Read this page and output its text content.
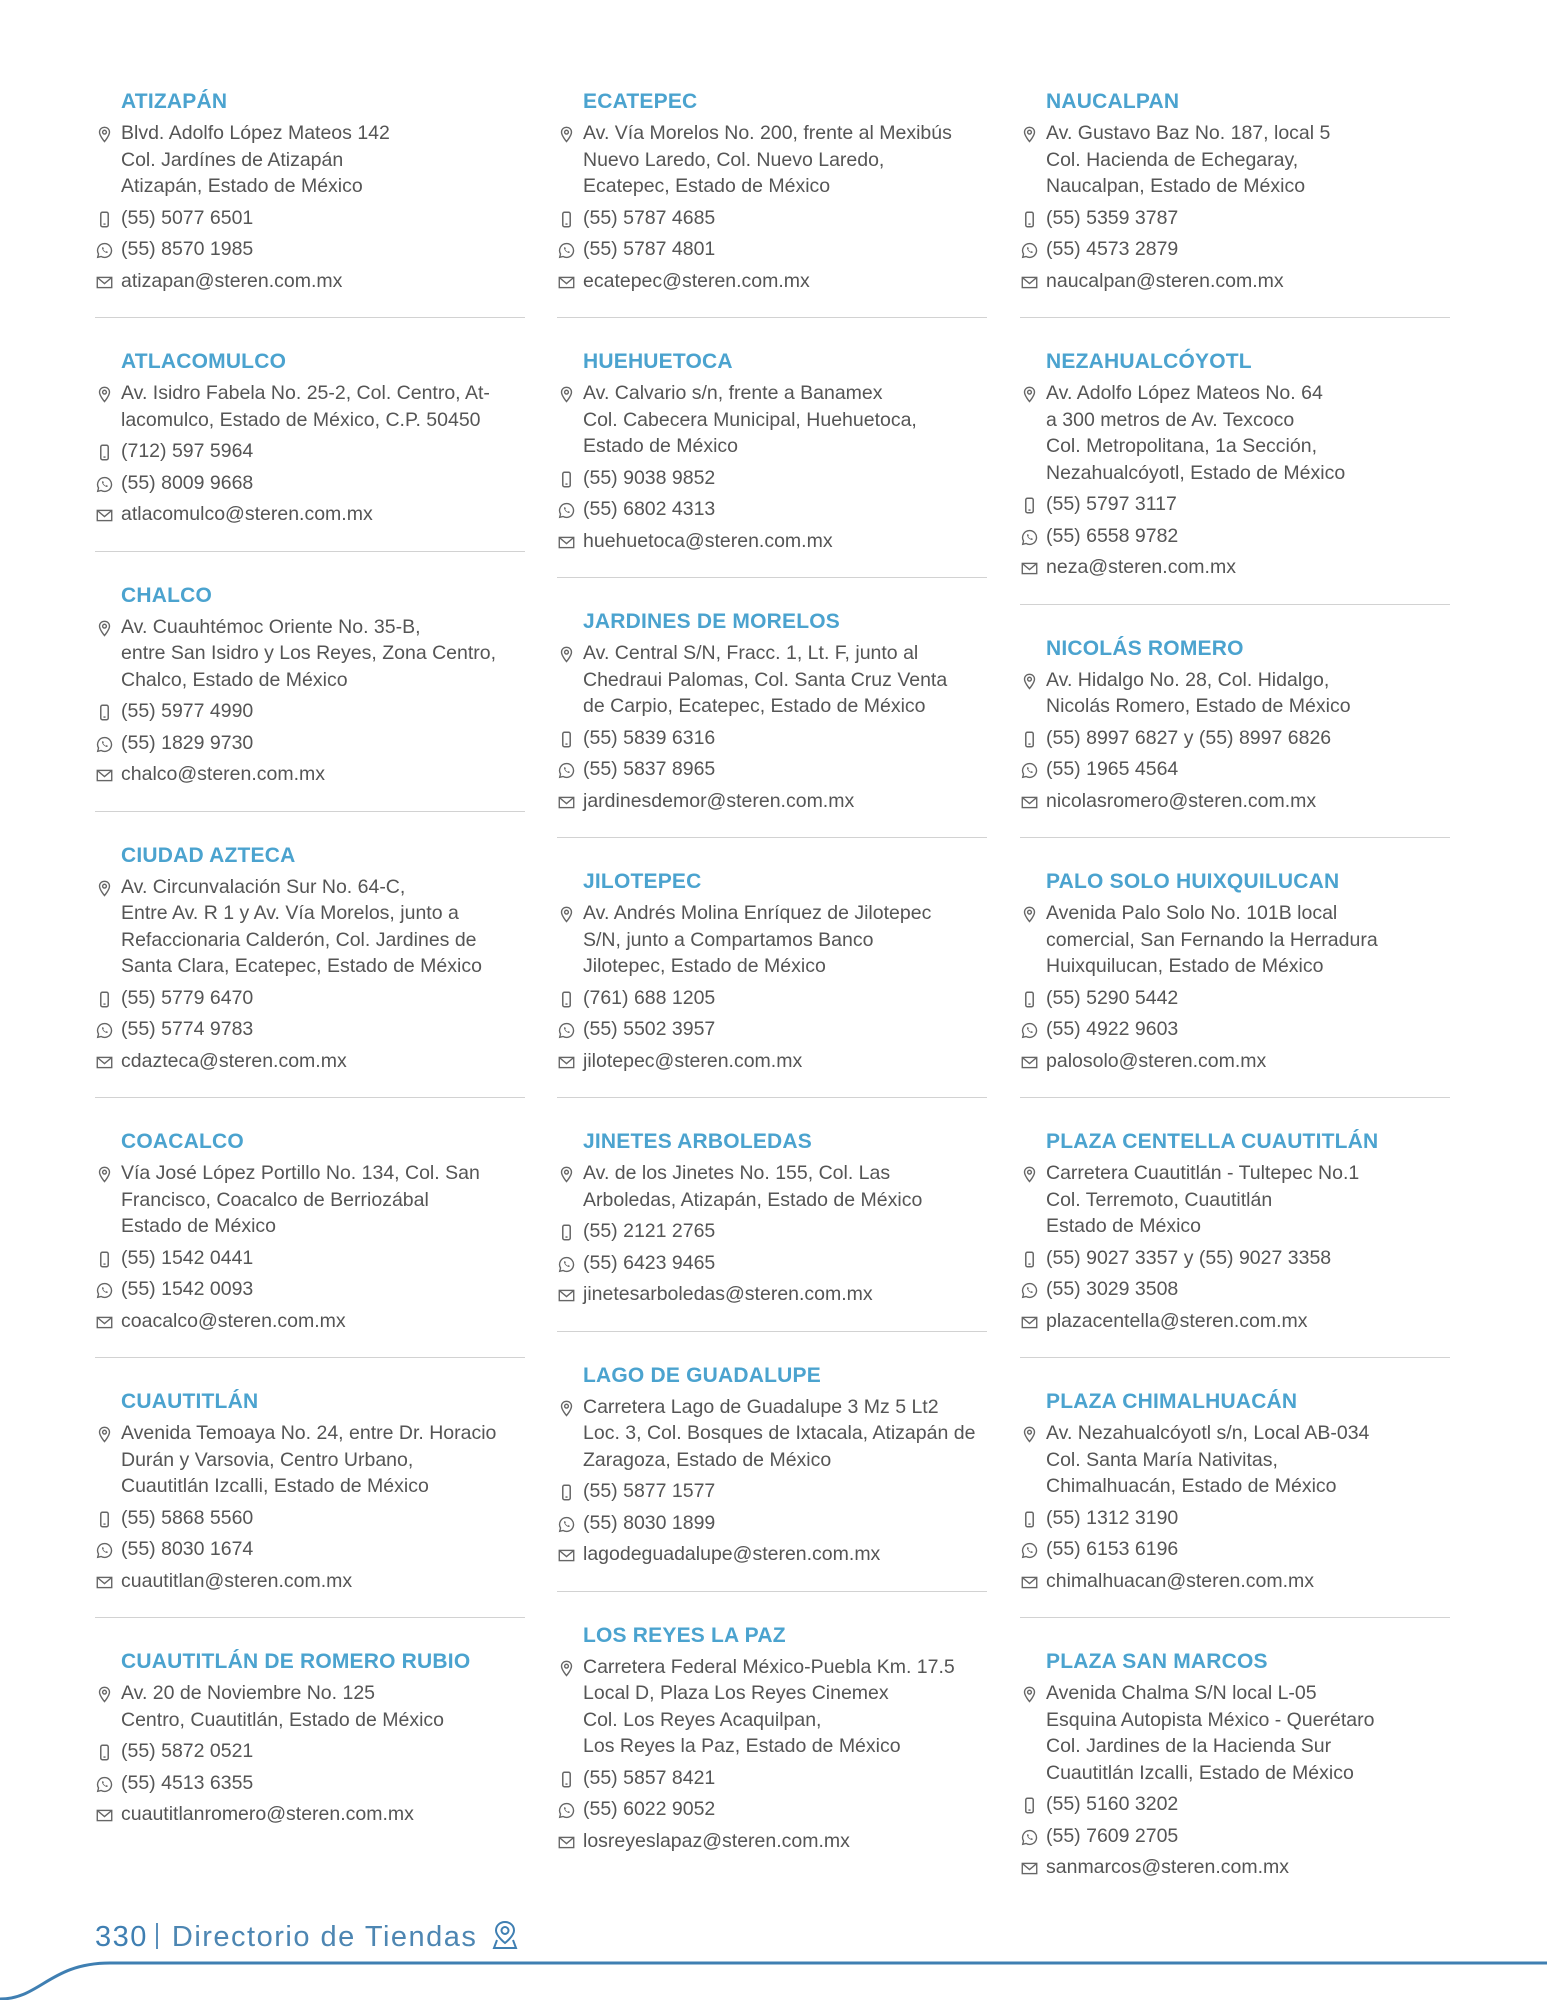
ATIZAPÁN
Blvd. Adolfo López Mateos 142
Col. Jardínes de Atizapán
Atizapán, Estado de México
(55) 5077 6501
(55) 8570 1985
atizapan@steren.com.mx
ATLACOMULCO
Av. Isidro Fabela No. 25-2, Col. Centro, At-
lacomulco, Estado de México, C.P. 50450
(712) 597 5964
(55) 8009 9668
atlacomulco@steren.com.mx
CHALCO
Av. Cuauhtémoc Oriente No. 35-B,
entre San Isidro y Los Reyes, Zona Centro,
Chalco, Estado de México
(55) 5977 4990
(55) 1829 9730
chalco@steren.com.mx
CIUDAD AZTECA
Av. Circunvalación Sur No. 64-C,
Entre Av. R 1 y Av. Vía Morelos, junto a
Refaccionaria Calderón, Col. Jardines de
Santa Clara, Ecatepec, Estado de México
(55) 5779 6470
(55) 5774 9783
cdazteca@steren.com.mx
COACALCO
Vía José López Portillo No. 134, Col. San
Francisco, Coacalco de Berriozábal
Estado de México
(55) 1542 0441
(55) 1542 0093
coacalco@steren.com.mx
CUAUTITLÁN
Avenida Temoaya No. 24, entre Dr. Horacio
Durán y Varsovia, Centro Urbano,
Cuautitlán Izcalli, Estado de México
(55) 5868 5560
(55) 8030 1674
cuautitlan@steren.com.mx
CUAUTITLÁN DE ROMERO RUBIO
Av. 20 de Noviembre No. 125
Centro, Cuautitlán, Estado de México
(55) 5872 0521
(55) 4513 6355
cuautitlanromero@steren.com.mx
ECATEPEC
Av. Vía Morelos No. 200, frente al Mexibús
Nuevo Laredo, Col. Nuevo Laredo,
Ecatepec, Estado de México
(55) 5787 4685
(55) 5787 4801
ecatepec@steren.com.mx
HUEHUETOCA
Av. Calvario s/n, frente a Banamex
Col. Cabecera Municipal, Huehuetoca,
Estado de México
(55) 9038 9852
(55) 6802 4313
huehuetoca@steren.com.mx
JARDINES DE MORELOS
Av. Central S/N, Fracc. 1, Lt. F, junto al
Chedraui Palomas, Col. Santa Cruz Venta
de Carpio, Ecatepec, Estado de México
(55) 5839 6316
(55) 5837 8965
jardinesdemor@steren.com.mx
JILOTEPEC
Av. Andrés Molina Enríquez de Jilotepec
S/N, junto a Compartamos Banco
Jilotepec, Estado de México
(761) 688 1205
(55) 5502 3957
jilotepec@steren.com.mx
JINETES ARBOLEDAS
Av. de los Jinetes No. 155, Col. Las
Arboledas, Atizapán, Estado de México
(55) 2121 2765
(55) 6423 9465
jinetesarboledas@steren.com.mx
LAGO DE GUADALUPE
Carretera Lago de Guadalupe 3 Mz 5 Lt2
Loc. 3, Col. Bosques de Ixtacala, Atizapán de
Zaragoza, Estado de México
(55) 5877 1577
(55) 8030 1899
lagodeguadalupe@steren.com.mx
LOS REYES LA PAZ
Carretera Federal México-Puebla Km. 17.5
Local D, Plaza Los Reyes Cinemex
Col. Los Reyes Acaquilpan,
Los Reyes la Paz, Estado de México
(55) 5857 8421
(55) 6022 9052
losreyeslapaz@steren.com.mx
NAUCALPAN
Av. Gustavo Baz No. 187, local 5
Col. Hacienda de Echegaray,
Naucalpan, Estado de México
(55) 5359 3787
(55) 4573 2879
naucalpan@steren.com.mx
NEZAHUALCÓYOTL
Av. Adolfo López Mateos No. 64
a 300 metros de Av. Texcoco
Col. Metropolitana, 1a Sección,
Nezahualcóyotl, Estado de México
(55) 5797 3117
(55) 6558 9782
neza@steren.com.mx
NICOLÁS ROMERO
Av. Hidalgo No. 28, Col. Hidalgo,
Nicolás Romero, Estado de México
(55) 8997 6827 y (55) 8997 6826
(55) 1965 4564
nicolasromero@steren.com.mx
PALO SOLO HUIXQUILUCAN
Avenida Palo Solo No. 101B local
comercial, San Fernando la Herradura
Huixquilucan, Estado de México
(55) 5290 5442
(55) 4922 9603
palosolo@steren.com.mx
PLAZA CENTELLA CUAUTITLÁN
Carretera Cuautitlán - Tultepec No.1
Col. Terremoto, Cuautitlán
Estado de México
(55) 9027 3357 y (55) 9027 3358
(55) 3029 3508
plazacentella@steren.com.mx
PLAZA CHIMALHUACÁN
Av. Nezahualcóyotl s/n, Local AB-034
Col. Santa María Nativitas,
Chimalhuacán, Estado de México
(55) 1312 3190
(55) 6153 6196
chimalhuacan@steren.com.mx
PLAZA SAN MARCOS
Avenida Chalma S/N local L-05
Esquina Autopista México - Querétaro
Col. Jardines de la Hacienda Sur
Cuautitlán Izcalli, Estado de México
(55) 5160 3202
(55) 7609 2705
sanmarcos@steren.com.mx
330 Directorio de Tiendas
